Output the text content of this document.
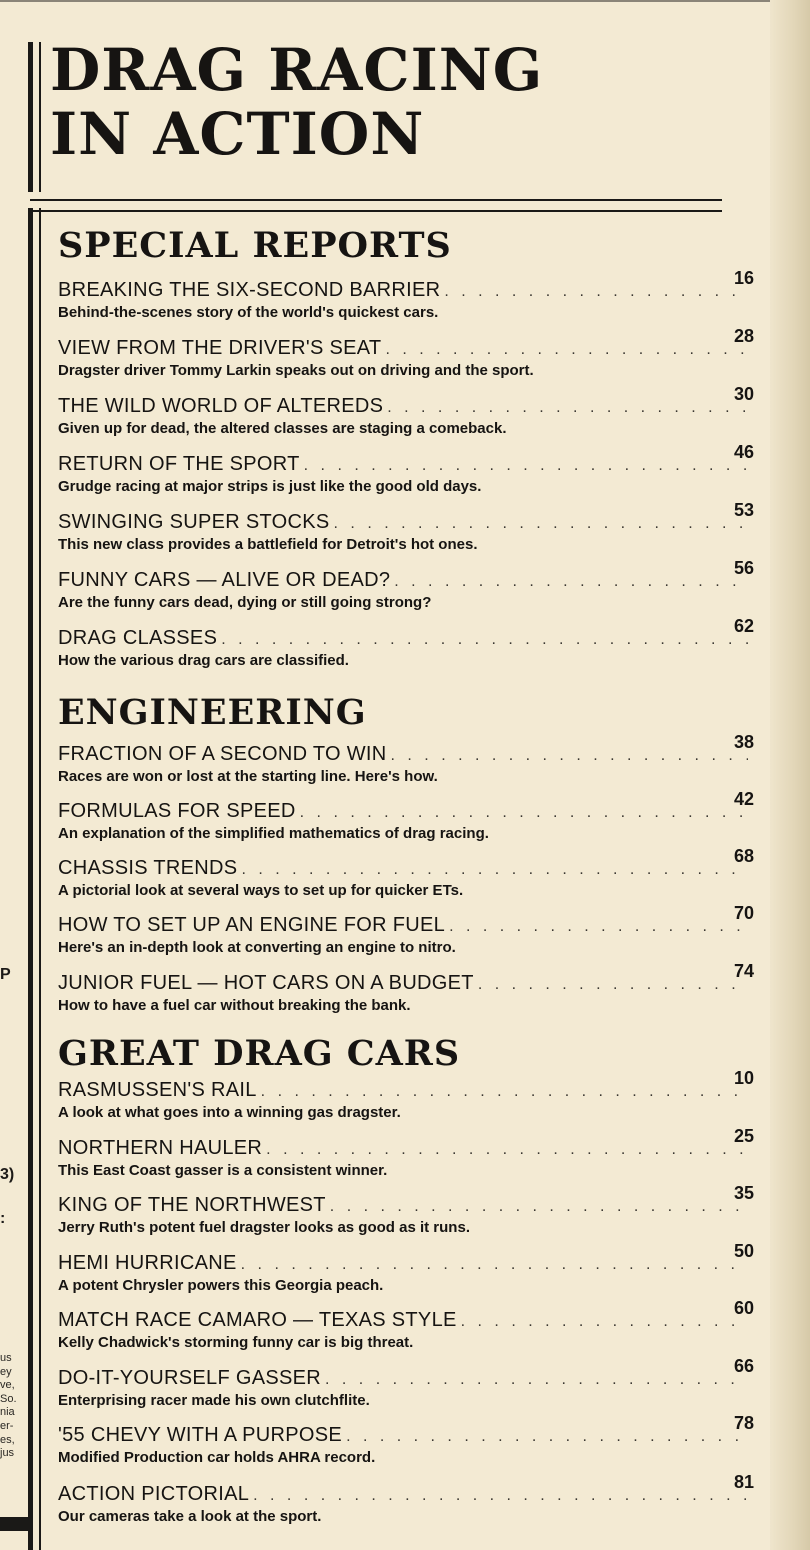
P
3)
:
us
ey
ve,
So.
nia
er-
es,
jus
DRAG RACING
IN ACTION
SPECIAL REPORTS
BREAKING THE SIX-SECOND BARRIER
. . .
16
Behind-the-scenes story of the world's quickest cars.
VIEW FROM THE DRIVER'S SEAT
. . .
28
Dragster driver Tommy Larkin speaks out on driving and the sport.
THE WILD WORLD OF ALTEREDS
. . .
30
Given up for dead, the altered classes are staging a comeback.
RETURN OF THE SPORT
. . .
46
Grudge racing at major strips is just like the good old days.
SWINGING SUPER STOCKS
. . .
53
This new class provides a battlefield for Detroit's hot ones.
FUNNY CARS — ALIVE OR DEAD?
. . .
56
Are the funny cars dead, dying or still going strong?
DRAG CLASSES
. . .
62
How the various drag cars are classified.
ENGINEERING
FRACTION OF A SECOND TO WIN
. . .
38
Races are won or lost at the starting line. Here's how.
FORMULAS FOR SPEED
. . .
42
An explanation of the simplified mathematics of drag racing.
CHASSIS TRENDS
. . .
68
A pictorial look at several ways to set up for quicker ETs.
HOW TO SET UP AN ENGINE FOR FUEL
. . .
70
Here's an in-depth look at converting an engine to nitro.
JUNIOR FUEL — HOT CARS ON A BUDGET
. . .
74
How to have a fuel car without breaking the bank.
GREAT DRAG CARS
RASMUSSEN'S RAIL
. . .
10
A look at what goes into a winning gas dragster.
NORTHERN HAULER
. . .
25
This East Coast gasser is a consistent winner.
KING OF THE NORTHWEST
. . .
35
Jerry Ruth's potent fuel dragster looks as good as it runs.
HEMI HURRICANE
. . .
50
A potent Chrysler powers this Georgia peach.
MATCH RACE CAMARO — TEXAS STYLE
. . .
60
Kelly Chadwick's storming funny car is big threat.
DO-IT-YOURSELF GASSER
. . .
66
Enterprising racer made his own clutchflite.
'55 CHEVY WITH A PURPOSE
. . .
78
Modified Production car holds AHRA record.
ACTION PICTORIAL
. . .
81
Our cameras take a look at the sport.
